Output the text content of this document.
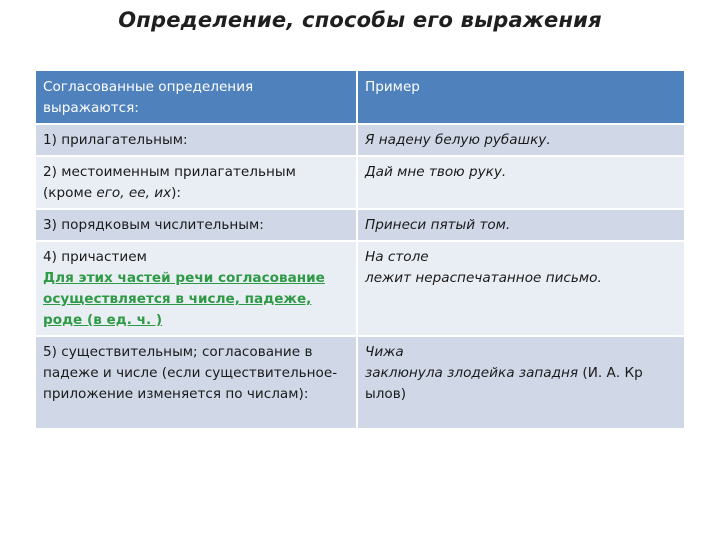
Определение, способы его выражения
Согласованные определения выражаются:	Пример
1) прилагательным:	Я надену белую рубашку.

2) местоименным прилагательным
(кроме его, ее, их):	Дай мне твою руку.
3) порядковым числительным:	Принеси пятый том.

4) причастием
Для этих частей речи согласование осуществляется в числе, падеже, роде (в ед. ч. )	На столе
лежит нераспечатанное письмо.

5) существительным; согласование в падеже и числе (если существительное-приложение изменяется по числам):	Чижа
заклюнула злодейка западня (И. А. Кр ылов)
